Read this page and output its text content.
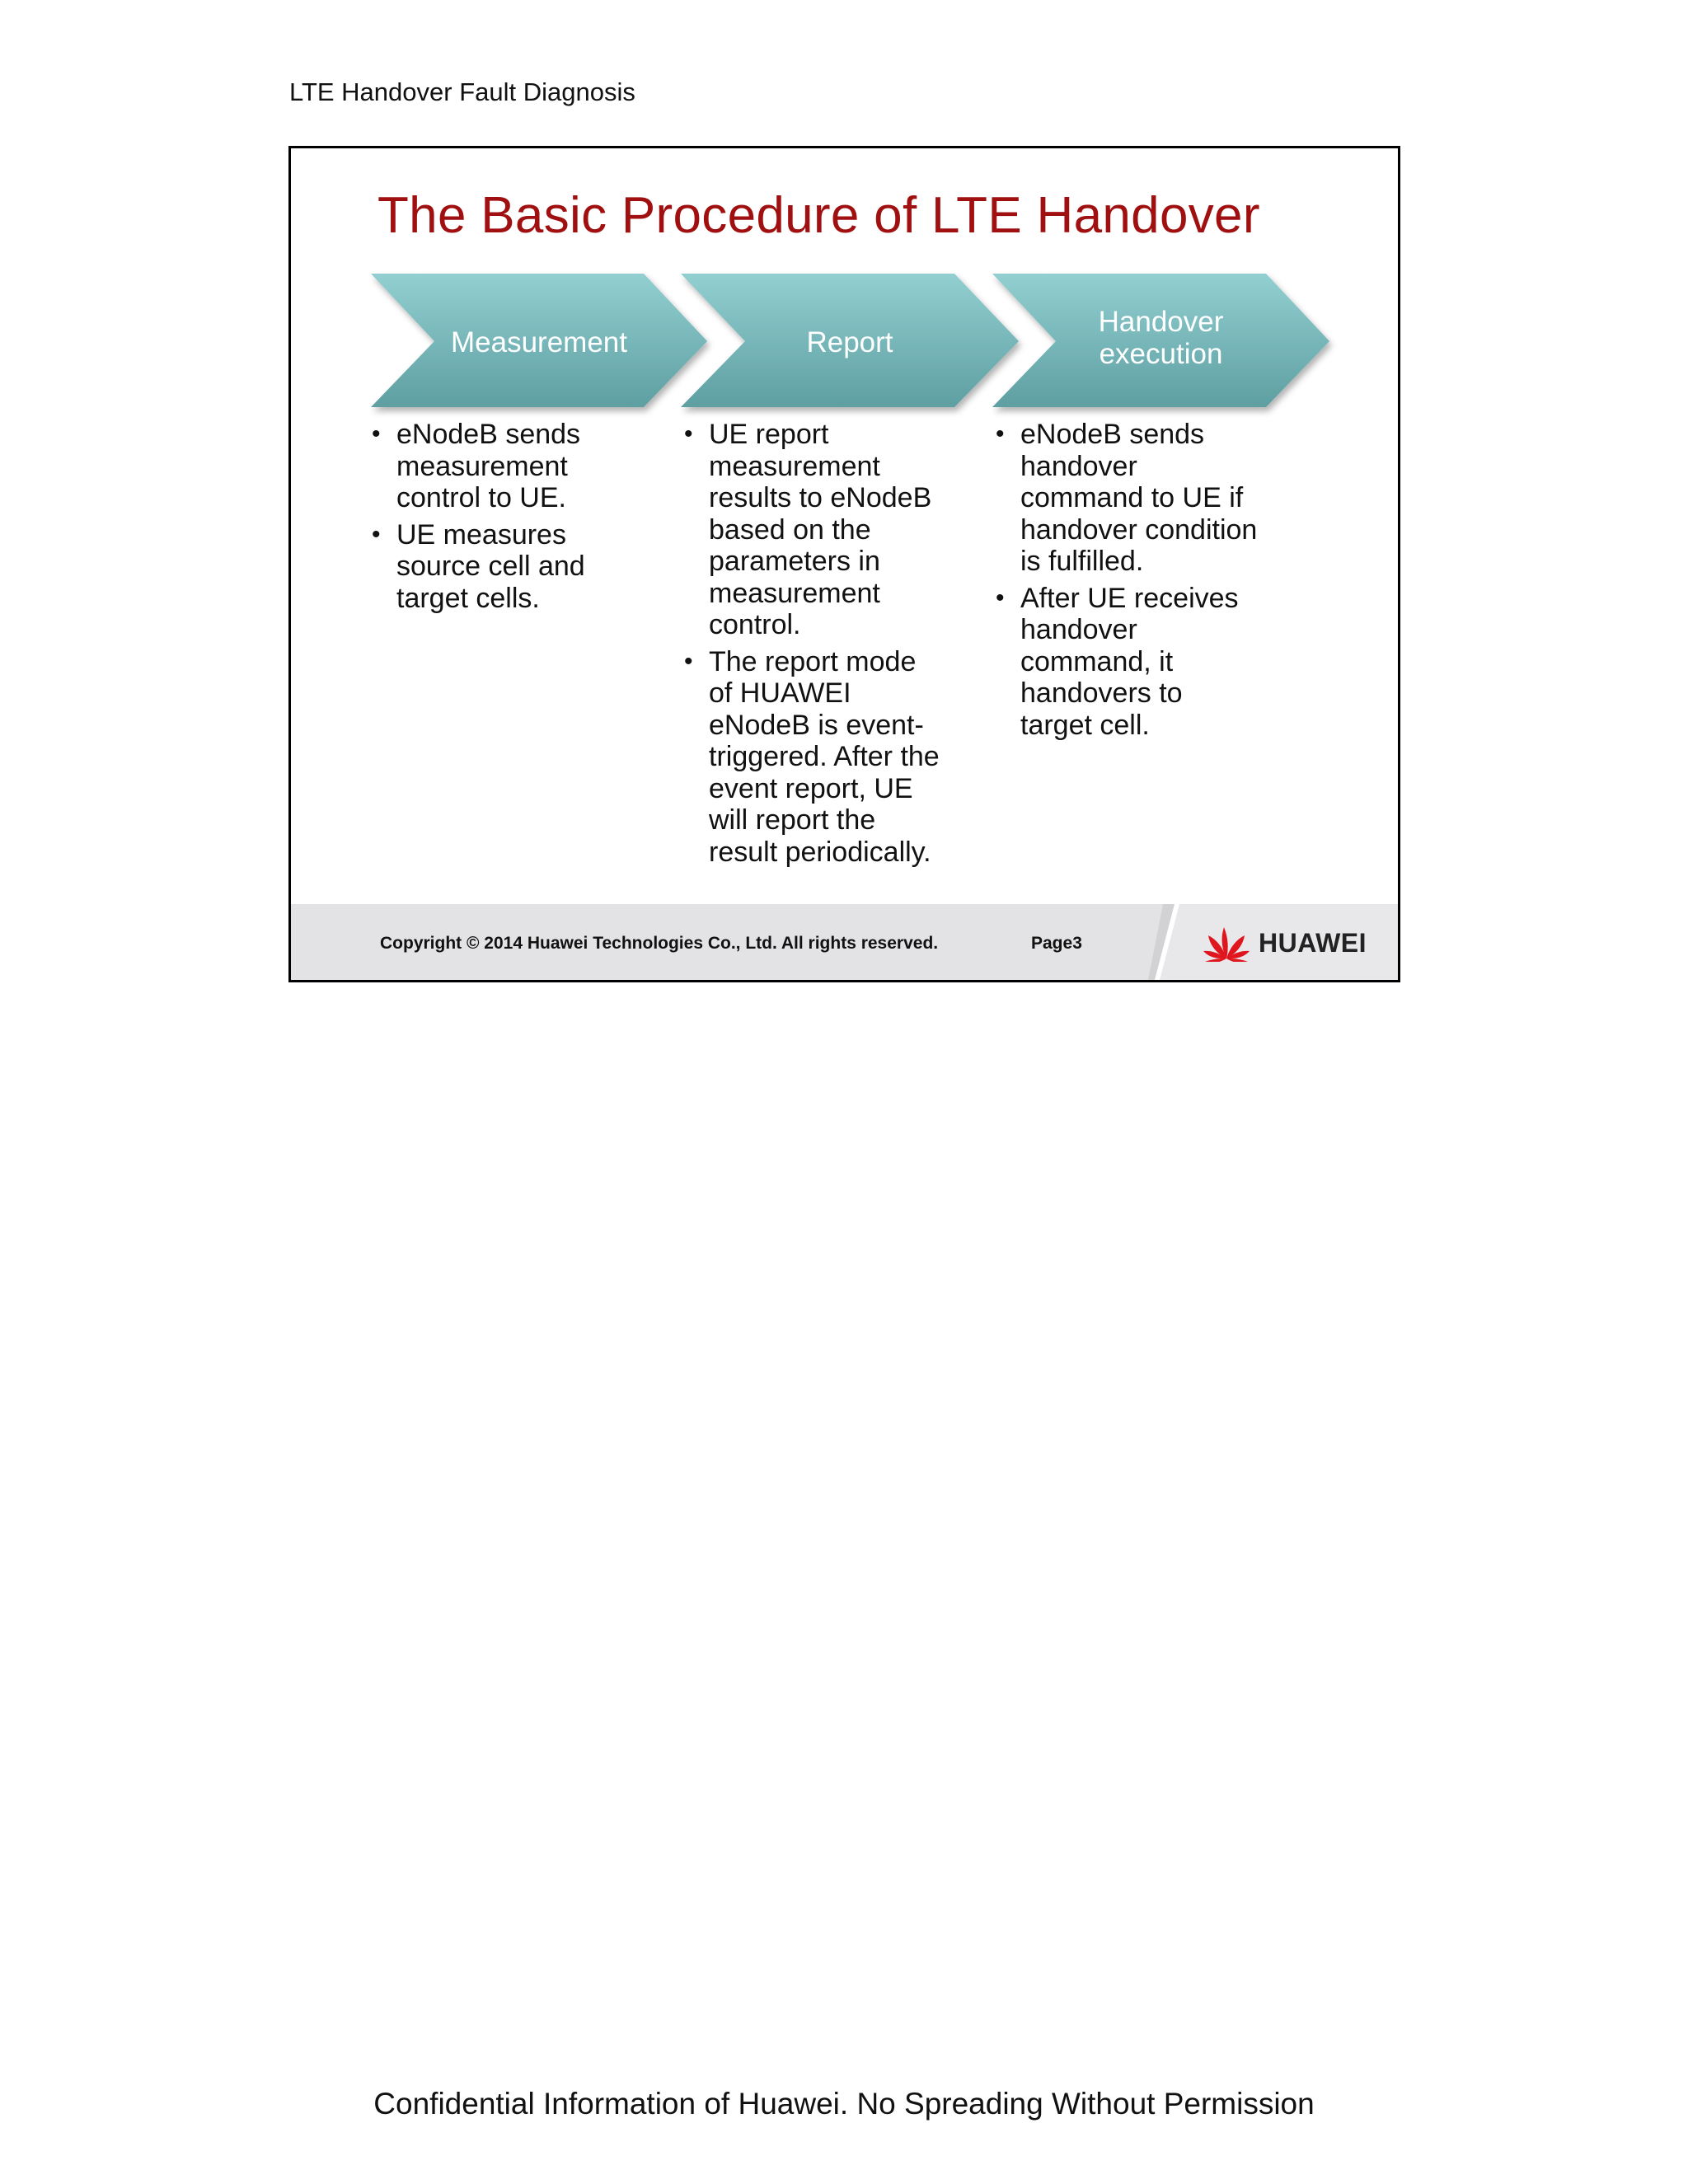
LTE Handover Fault Diagnosis
The Basic Procedure of LTE Handover
Measurement	Report
Handover execution
• eNodeB sends measurement control to UE.
• UE measures source cell and target cells.
• UE report measurement results to eNodeB based on the parameters in measurement control.
• The report mode of HUAWEI eNodeB is event-triggered. After the event report, UE will report the result periodically.
• eNodeB sends handover command to UE if handover condition is fulfilled.
• After UE receives handover command, it handovers to target cell.
Copyright © 2014 Huawei Technologies Co., Ltd. All rights reserved.	Page3	HUAWEI
Confidential Information of Huawei. No Spreading Without Permission
